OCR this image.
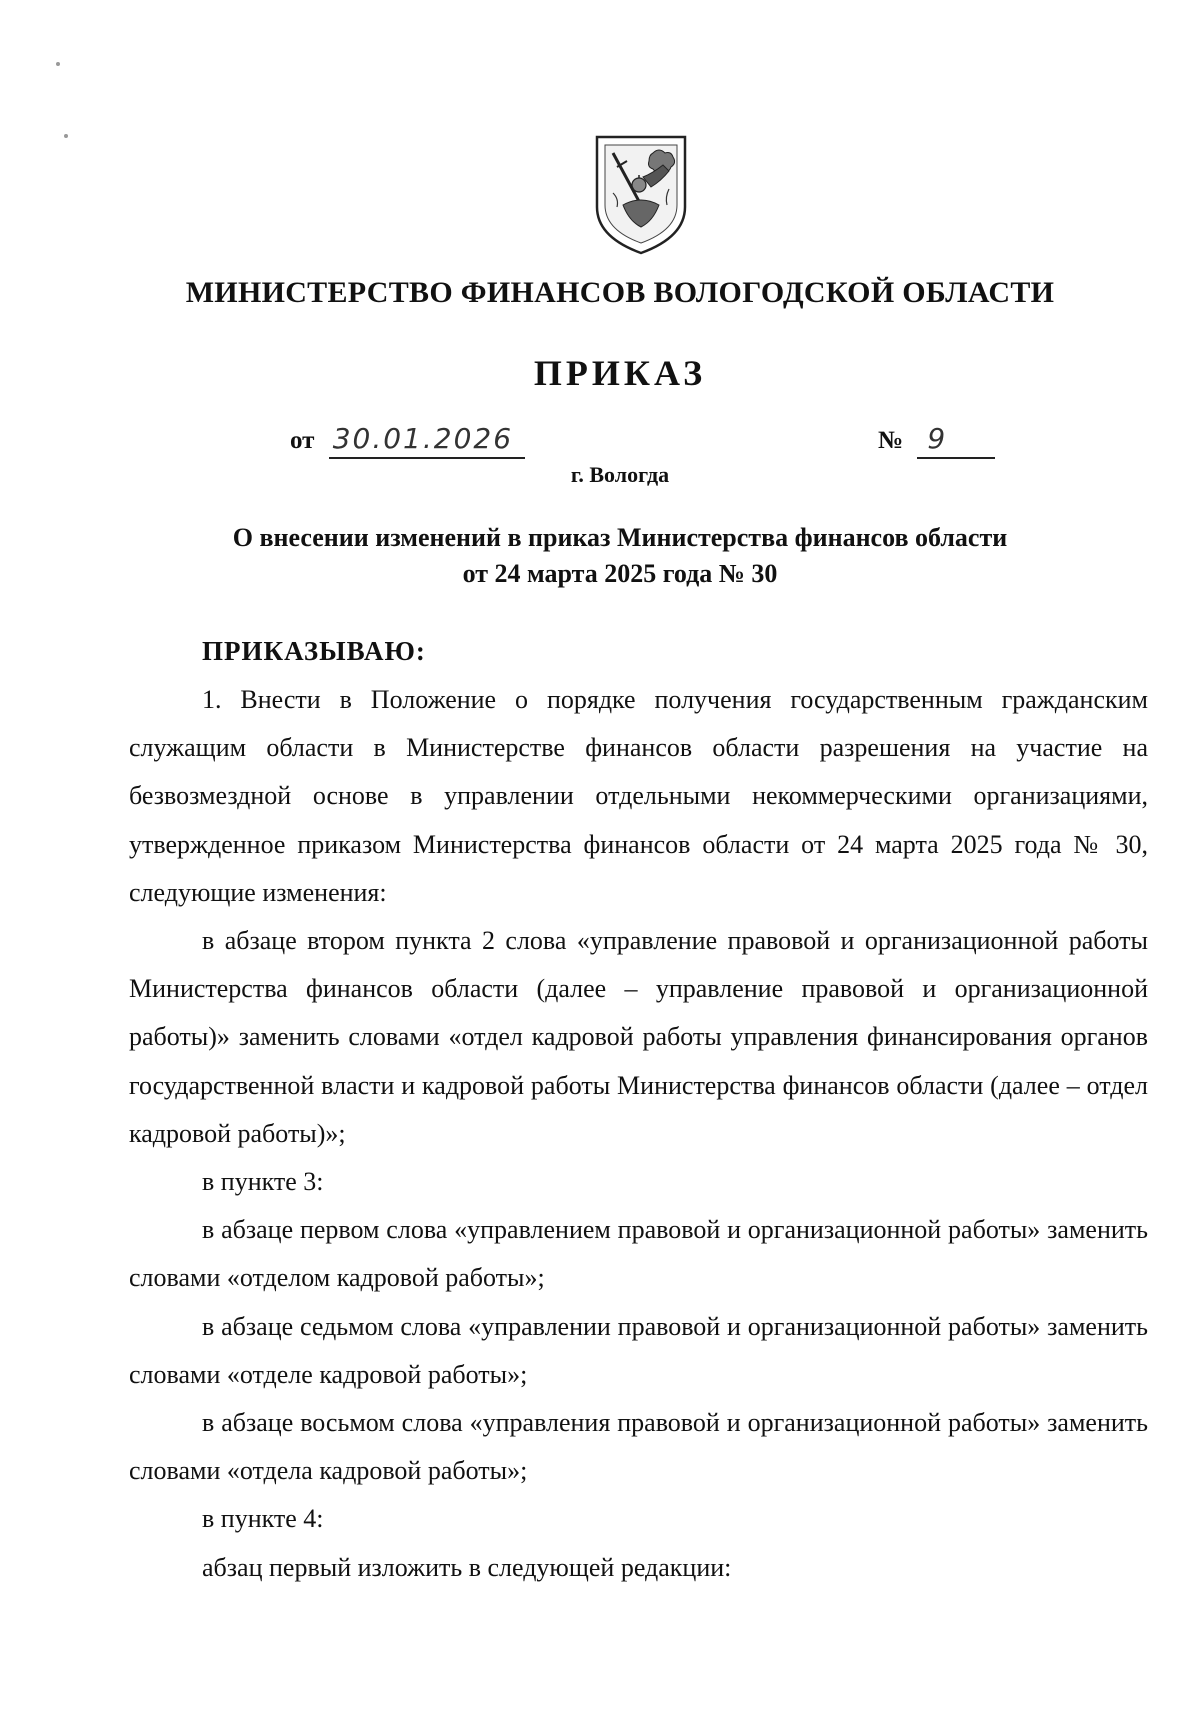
МИНИСТЕРСТВО ФИНАНСОВ ВОЛОГОДСКОЙ ОБЛАСТИ
ПРИКАЗ
от 30.01.2026	№ 9
г. Вологда
О внесении изменений в приказ Министерства финансов области
от 24 марта 2025 года № 30
ПРИКАЗЫВАЮ:

1. Внести в Положение о порядке получения государственным гражданским служащим области в Министерстве финансов области разрешения на участие на безвозмездной основе в управлении отдельными некоммерческими организациями, утвержденное приказом Министерства финансов области от 24 марта 2025 года № 30, следующие изменения:

в абзаце втором пункта 2 слова «управление правовой и организационной работы Министерства финансов области (далее – управление правовой и организационной работы)» заменить словами «отдел кадровой работы управления финансирования органов государственной власти и кадровой работы Министерства финансов области (далее – отдел кадровой работы)»;

в пункте 3:

в абзаце первом слова «управлением правовой и организационной работы» заменить словами «отделом кадровой работы»;

в абзаце седьмом слова «управлении правовой и организационной работы» заменить словами «отделе кадровой работы»;

в абзаце восьмом слова «управления правовой и организационной работы» заменить словами «отдела кадровой работы»;

в пункте 4:

абзац первый изложить в следующей редакции:
